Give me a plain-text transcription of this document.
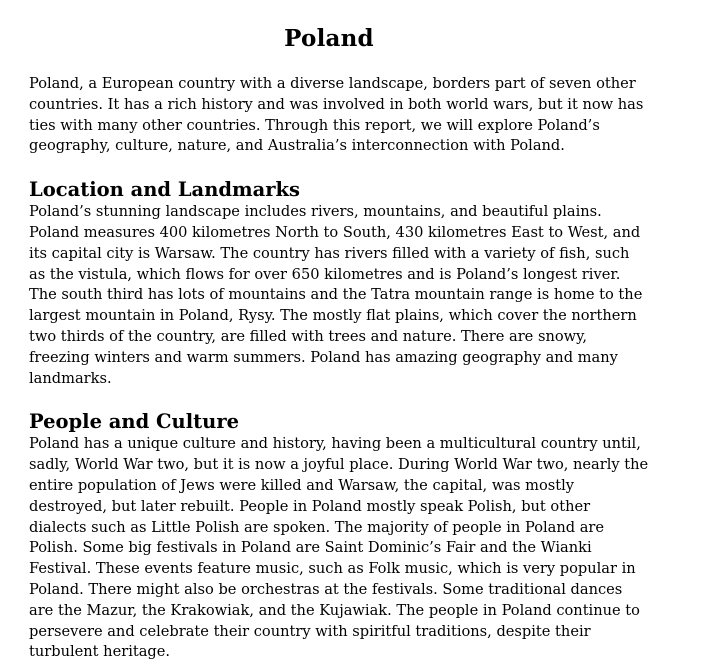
Poland

Poland, a European country with a diverse landscape, borders part of seven other countries. It has a rich history and was involved in both world wars, but it now has ties with many other countries. Through this report, we will explore Poland’s geography, culture, nature, and Australia’s interconnection with Poland.

Location and Landmarks

Poland’s stunning landscape includes rivers, mountains, and beautiful plains. Poland measures 400 kilometres North to South, 430 kilometres East to West, and its capital city is Warsaw. The country has rivers filled with a variety of fish, such as the vistula, which flows for over 650 kilometres and is Poland’s longest river. The south third has lots of mountains and the Tatra mountain range is home to the largest mountain in Poland, Rysy. The mostly flat plains, which cover the northern two thirds of the country, are filled with trees and nature. There are snowy, freezing winters and warm summers. Poland has amazing geography and many landmarks.

People and Culture

Poland has a unique culture and history, having been a multicultural country until, sadly, World War two, but it is now a joyful place. During World War two, nearly the entire population of Jews were killed and Warsaw, the capital, was mostly destroyed, but later rebuilt. People in Poland mostly speak Polish, but other dialects such as Little Polish are spoken. The majority of people in Poland are Polish. Some big festivals in Poland are Saint Dominic’s Fair and the Wianki Festival. These events feature music, such as Folk music, which is very popular in Poland. There might also be orchestras at the festivals. Some traditional dances are the Mazur, the Krakowiak, and the Kujawiak. The people in Poland continue to persevere and celebrate their country with spiritful traditions, despite their turbulent heritage.
